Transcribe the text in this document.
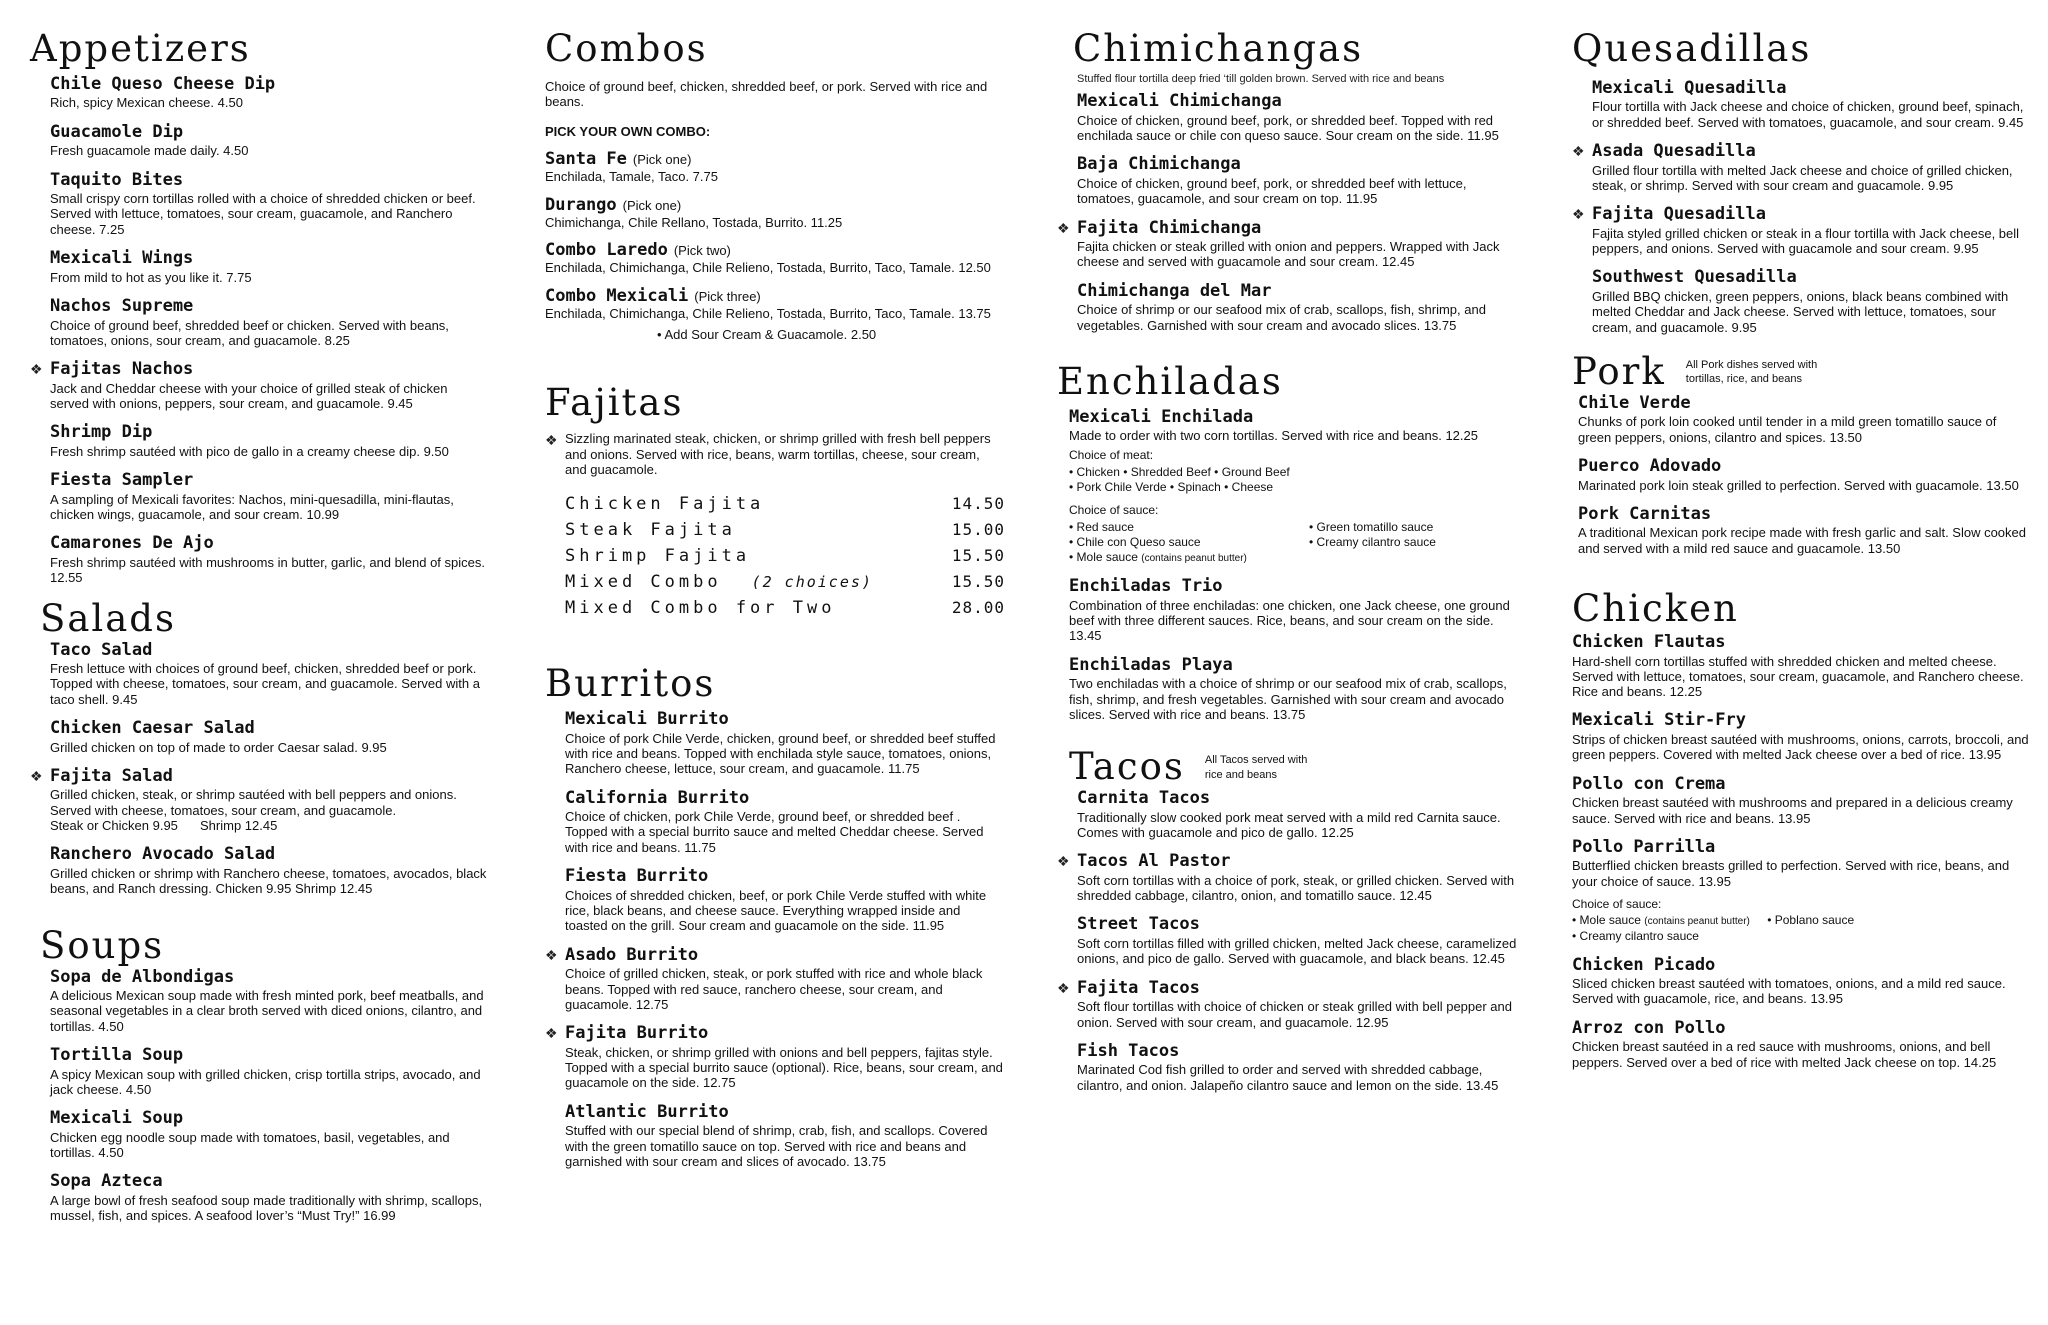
Appetizers
Chile Queso Cheese Dip
Rich, spicy Mexican cheese. 4.50
Guacamole Dip
Fresh guacamole made daily. 4.50
Taquito Bites
Small crispy corn tortillas rolled with a choice of shredded chicken or beef. Served with lettuce, tomatoes, sour cream, guacamole, and Ranchero cheese. 7.25
Mexicali Wings
From mild to hot as you like it. 7.75
Nachos Supreme
Choice of ground beef, shredded beef or chicken. Served with beans, tomatoes, onions, sour cream, and guacamole. 8.25
❖ Fajitas Nachos
Jack and Cheddar cheese with your choice of grilled steak of chicken served with onions, peppers, sour cream, and guacamole. 9.45
Shrimp Dip
Fresh shrimp sautéed with pico de gallo in a creamy cheese dip. 9.50
Fiesta Sampler
A sampling of Mexicali favorites: Nachos, mini-quesadilla, mini-flautas, chicken wings, guacamole, and sour cream. 10.99
Camarones De Ajo
Fresh shrimp sautéed with mushrooms in butter, garlic, and blend of spices. 12.55
Salads
Taco Salad
Fresh lettuce with choices of ground beef, chicken, shredded beef or pork. Topped with cheese, tomatoes, sour cream, and guacamole. Served with a taco shell. 9.45
Chicken Caesar Salad
Grilled chicken on top of made to order Caesar salad. 9.95
❖ Fajita Salad
Grilled chicken, steak, or shrimp sautéed with bell peppers and onions. Served with cheese, tomatoes, sour cream, and guacamole.
Steak or Chicken 9.95 Shrimp 12.45
Ranchero Avocado Salad
Grilled chicken or shrimp with Ranchero cheese, tomatoes, avocados, black beans, and Ranch dressing. Chicken 9.95 Shrimp 12.45
Soups
Sopa de Albondigas
A delicious Mexican soup made with fresh minted pork, beef meatballs, and seasonal vegetables in a clear broth served with diced onions, cilantro, and tortillas. 4.50
Tortilla Soup
A spicy Mexican soup with grilled chicken, crisp tortilla strips, avocado, and jack cheese. 4.50
Mexicali Soup
Chicken egg noodle soup made with tomatoes, basil, vegetables, and tortillas. 4.50
Sopa Azteca
A large bowl of fresh seafood soup made traditionally with shrimp, scallops, mussel, fish, and spices. A seafood lover’s “Must Try!” 16.99
Combos

Choice of ground beef, chicken, shredded beef, or pork. Served with rice and beans.

PICK YOUR OWN COMBO:
Santa Fe (Pick one)
Enchilada, Tamale, Taco. 7.75
Durango (Pick one)
Chimichanga, Chile Rellano, Tostada, Burrito. 11.25
Combo Laredo (Pick two)
Enchilada, Chimichanga, Chile Relieno, Tostada, Burrito, Taco, Tamale. 12.50
Combo Mexicali (Pick three)
Enchilada, Chimichanga, Chile Relieno, Tostada, Burrito, Taco, Tamale. 13.75
• Add Sour Cream & Guacamole. 2.50
Fajitas
❖ Sizzling marinated steak, chicken, or shrimp grilled with fresh bell peppers and onions. Served with rice, beans, warm tortillas, cheese, sour cream, and guacamole.
Chicken Fajita	14.50
Steak Fajita	15.00
Shrimp Fajita	15.50
Mixed Combo (2 choices)	15.50
Mixed Combo for Two	28.00
Burritos
Mexicali Burrito
Choice of pork Chile Verde, chicken, ground beef, or shredded beef stuffed with rice and beans. Topped with enchilada style sauce, tomatoes, onions, Ranchero cheese, lettuce, sour cream, and guacamole. 11.75
California Burrito
Choice of chicken, pork Chile Verde, ground beef, or shredded beef . Topped with a special burrito sauce and melted Cheddar cheese. Served with rice and beans. 11.75
Fiesta Burrito
Choices of shredded chicken, beef, or pork Chile Verde stuffed with white rice, black beans, and cheese sauce. Everything wrapped inside and toasted on the grill. Sour cream and guacamole on the side. 11.95
❖ Asado Burrito
Choice of grilled chicken, steak, or pork stuffed with rice and whole black beans. Topped with red sauce, ranchero cheese, sour cream, and guacamole. 12.75
❖ Fajita Burrito
Steak, chicken, or shrimp grilled with onions and bell peppers, fajitas style. Topped with a special burrito sauce (optional). Rice, beans, sour cream, and guacamole on the side. 12.75
Atlantic Burrito
Stuffed with our special blend of shrimp, crab, fish, and scallops. Covered with the green tomatillo sauce on top. Served with rice and beans and garnished with sour cream and slices of avocado. 13.75
Chimichangas
Stuffed flour tortilla deep fried ‘till golden brown. Served with rice and beans
Mexicali Chimichanga
Choice of chicken, ground beef, pork, or shredded beef. Topped with red enchilada sauce or chile con queso sauce. Sour cream on the side. 11.95
Baja Chimichanga
Choice of chicken, ground beef, pork, or shredded beef with lettuce, tomatoes, guacamole, and sour cream on top. 11.95
❖ Fajita Chimichanga
Fajita chicken or steak grilled with onion and peppers. Wrapped with Jack cheese and served with guacamole and sour cream. 12.45
Chimichanga del Mar
Choice of shrimp or our seafood mix of crab, scallops, fish, shrimp, and vegetables. Garnished with sour cream and avocado slices. 13.75
Enchiladas
Mexicali Enchilada
Made to order with two corn tortillas. Served with rice and beans. 12.25
Choice of meat:
• Chicken • Shredded Beef • Ground Beef
• Pork Chile Verde • Spinach • Cheese
Choice of sauce:
• Red sauce	• Green tomatillo sauce
• Chile con Queso sauce	• Creamy cilantro sauce
• Mole sauce (contains peanut butter)
Enchiladas Trio
Combination of three enchiladas: one chicken, one Jack cheese, one ground beef with three different sauces. Rice, beans, and sour cream on the side. 13.45
Enchiladas Playa
Two enchiladas with a choice of shrimp or our seafood mix of crab, scallops, fish, shrimp, and fresh vegetables. Garnished with sour cream and avocado slices. Served with rice and beans. 13.75
Tacos All Tacos served with rice and beans
Carnita Tacos
Traditionally slow cooked pork meat served with a mild red Carnita sauce. Comes with guacamole and pico de gallo. 12.25
❖ Tacos Al Pastor
Soft corn tortillas with a choice of pork, steak, or grilled chicken. Served with shredded cabbage, cilantro, onion, and tomatillo sauce. 12.45
Street Tacos
Soft corn tortillas filled with grilled chicken, melted Jack cheese, caramelized onions, and pico de gallo. Served with guacamole, and black beans. 12.45
❖ Fajita Tacos
Soft flour tortillas with choice of chicken or steak grilled with bell pepper and onion. Served with sour cream, and guacamole. 12.95
Fish Tacos
Marinated Cod fish grilled to order and served with shredded cabbage, cilantro, and onion. Jalapeño cilantro sauce and lemon on the side. 13.45
Quesadillas
Mexicali Quesadilla
Flour tortilla with Jack cheese and choice of chicken, ground beef, spinach, or shredded beef. Served with tomatoes, guacamole, and sour cream. 9.45
❖ Asada Quesadilla
Grilled flour tortilla with melted Jack cheese and choice of grilled chicken, steak, or shrimp. Served with sour cream and guacamole. 9.95
❖ Fajita Quesadilla
Fajita styled grilled chicken or steak in a flour tortilla with Jack cheese, bell peppers, and onions. Served with guacamole and sour cream. 9.95
Southwest Quesadilla
Grilled BBQ chicken, green peppers, onions, black beans combined with melted Cheddar and Jack cheese. Served with lettuce, tomatoes, sour cream, and guacamole. 9.95
Pork All Pork dishes served with tortillas, rice, and beans
Chile Verde
Chunks of pork loin cooked until tender in a mild green tomatillo sauce of green peppers, onions, cilantro and spices. 13.50
Puerco Adovado
Marinated pork loin steak grilled to perfection. Served with guacamole. 13.50
Pork Carnitas
A traditional Mexican pork recipe made with fresh garlic and salt. Slow cooked and served with a mild red sauce and guacamole. 13.50
Chicken
Chicken Flautas
Hard-shell corn tortillas stuffed with shredded chicken and melted cheese. Served with lettuce, tomatoes, sour cream, guacamole, and Ranchero cheese. Rice and beans. 12.25
Mexicali Stir-Fry
Strips of chicken breast sautéed with mushrooms, onions, carrots, broccoli, and green peppers. Covered with melted Jack cheese over a bed of rice. 13.95
Pollo con Crema
Chicken breast sautéed with mushrooms and prepared in a delicious creamy sauce. Served with rice and beans. 13.95
Pollo Parrilla
Butterflied chicken breasts grilled to perfection. Served with rice, beans, and your choice of sauce. 13.95
Choice of sauce:
• Mole sauce (contains peanut butter) • Poblano sauce
• Creamy cilantro sauce
Chicken Picado
Sliced chicken breast sautéed with tomatoes, onions, and a mild red sauce. Served with guacamole, rice, and beans. 13.95
Arroz con Pollo
Chicken breast sautéed in a red sauce with mushrooms, onions, and bell peppers. Served over a bed of rice with melted Jack cheese on top. 14.25
